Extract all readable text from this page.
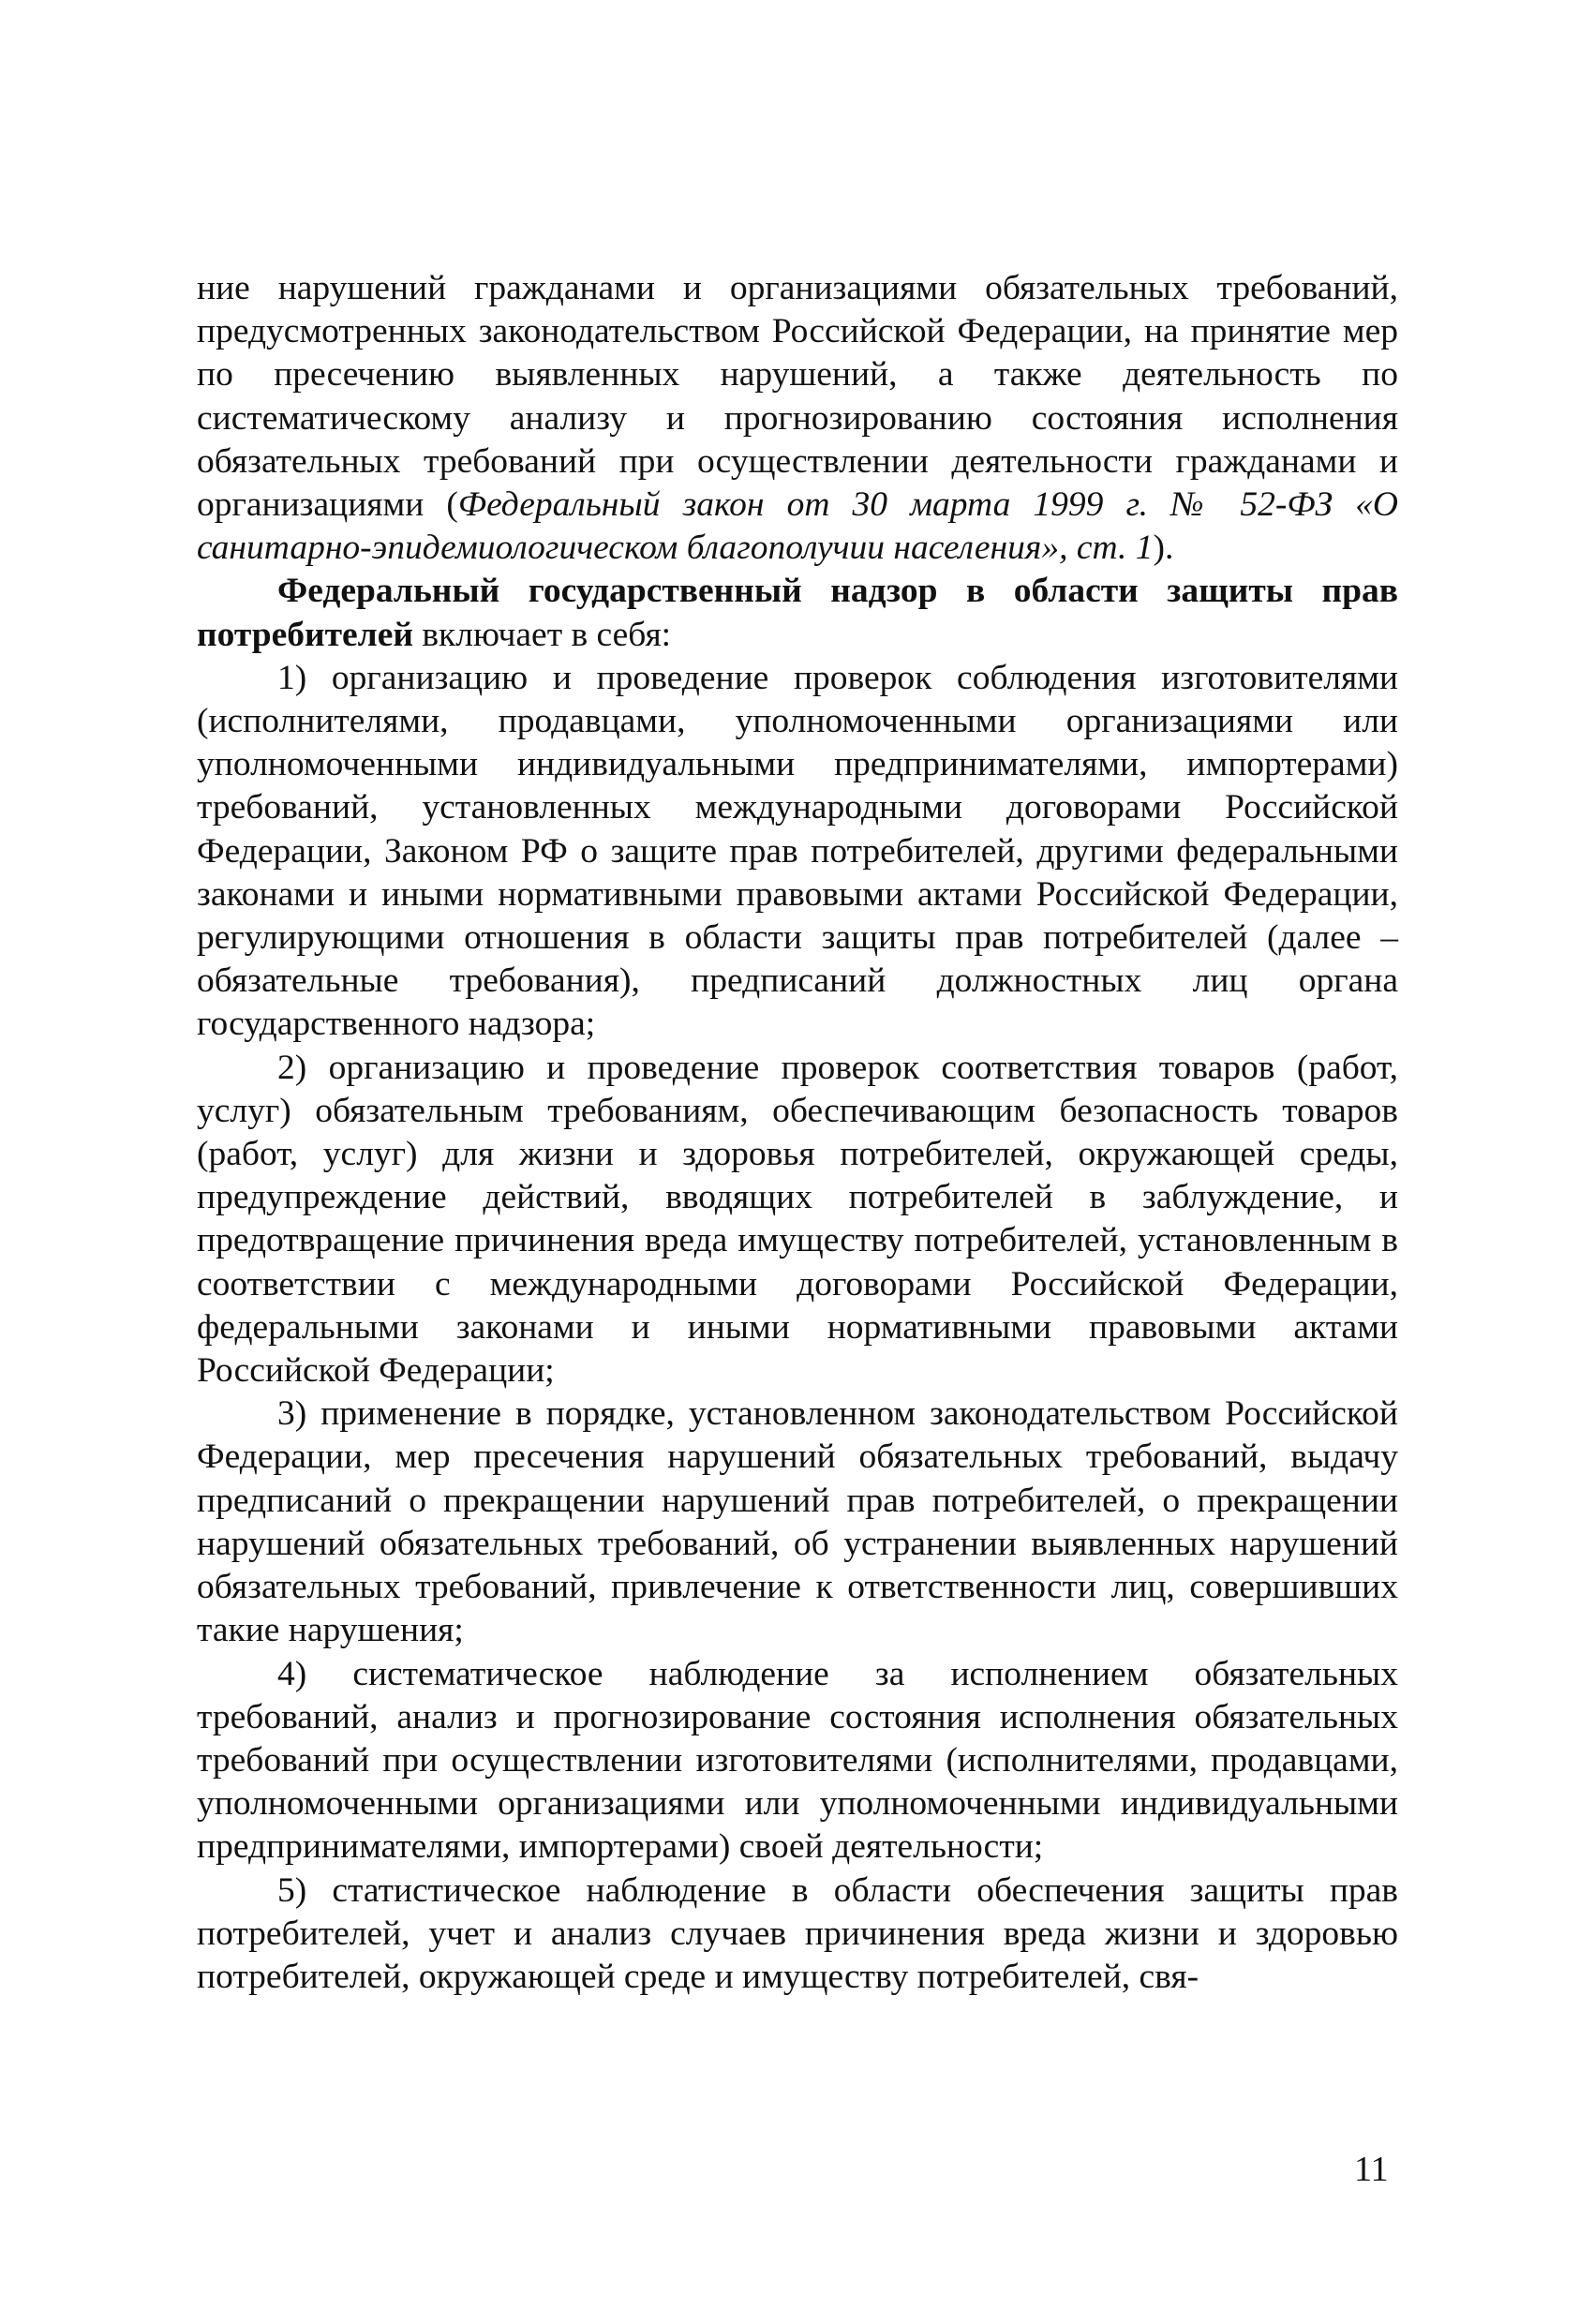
ние нарушений гражданами и организациями обязательных требований, предусмотренных законодательством Российской Федерации, на принятие мер по пресечению выявленных нарушений, а также деятельность по систематическому анализу и прогнозированию состояния исполнения обязательных требований при осуществлении деятельности гражданами и организациями (Федеральный закон от 30 марта 1999 г. № 52-ФЗ «О санитарно-эпидемиологическом благополучии населения», ст. 1).

Федеральный государственный надзор в области защиты прав потребителей включает в себя:

1) организацию и проведение проверок соблюдения изготовителями (исполнителями, продавцами, уполномоченными организациями или уполномоченными индивидуальными предпринимателями, импортерами) требований, установленных международными договорами Российской Федерации, Законом РФ о защите прав потребителей, другими федеральными законами и иными нормативными правовыми актами Российской Федерации, регулирующими отношения в области защиты прав потребителей (далее – обязательные требования), предписаний должностных лиц органа государственного надзора;

2) организацию и проведение проверок соответствия товаров (работ, услуг) обязательным требованиям, обеспечивающим безопасность товаров (работ, услуг) для жизни и здоровья потребителей, окружающей среды, предупреждение действий, вводящих потребителей в заблуждение, и предотвращение причинения вреда имуществу потребителей, установленным в соответствии с международными договорами Российской Федерации, федеральными законами и иными нормативными правовыми актами Российской Федерации;

3) применение в порядке, установленном законодательством Российской Федерации, мер пресечения нарушений обязательных требований, выдачу предписаний о прекращении нарушений прав потребителей, о прекращении нарушений обязательных требований, об устранении выявленных нарушений обязательных требований, привлечение к ответственности лиц, совершивших такие нарушения;

4) систематическое наблюдение за исполнением обязательных требований, анализ и прогнозирование состояния исполнения обязательных требований при осуществлении изготовителями (исполнителями, продавцами, уполномоченными организациями или уполномоченными индивидуальными предпринимателями, импортерами) своей деятельности;

5) статистическое наблюдение в области обеспечения защиты прав потребителей, учет и анализ случаев причинения вреда жизни и здоровью потребителей, окружающей среде и имуществу потребителей, свя-

11
